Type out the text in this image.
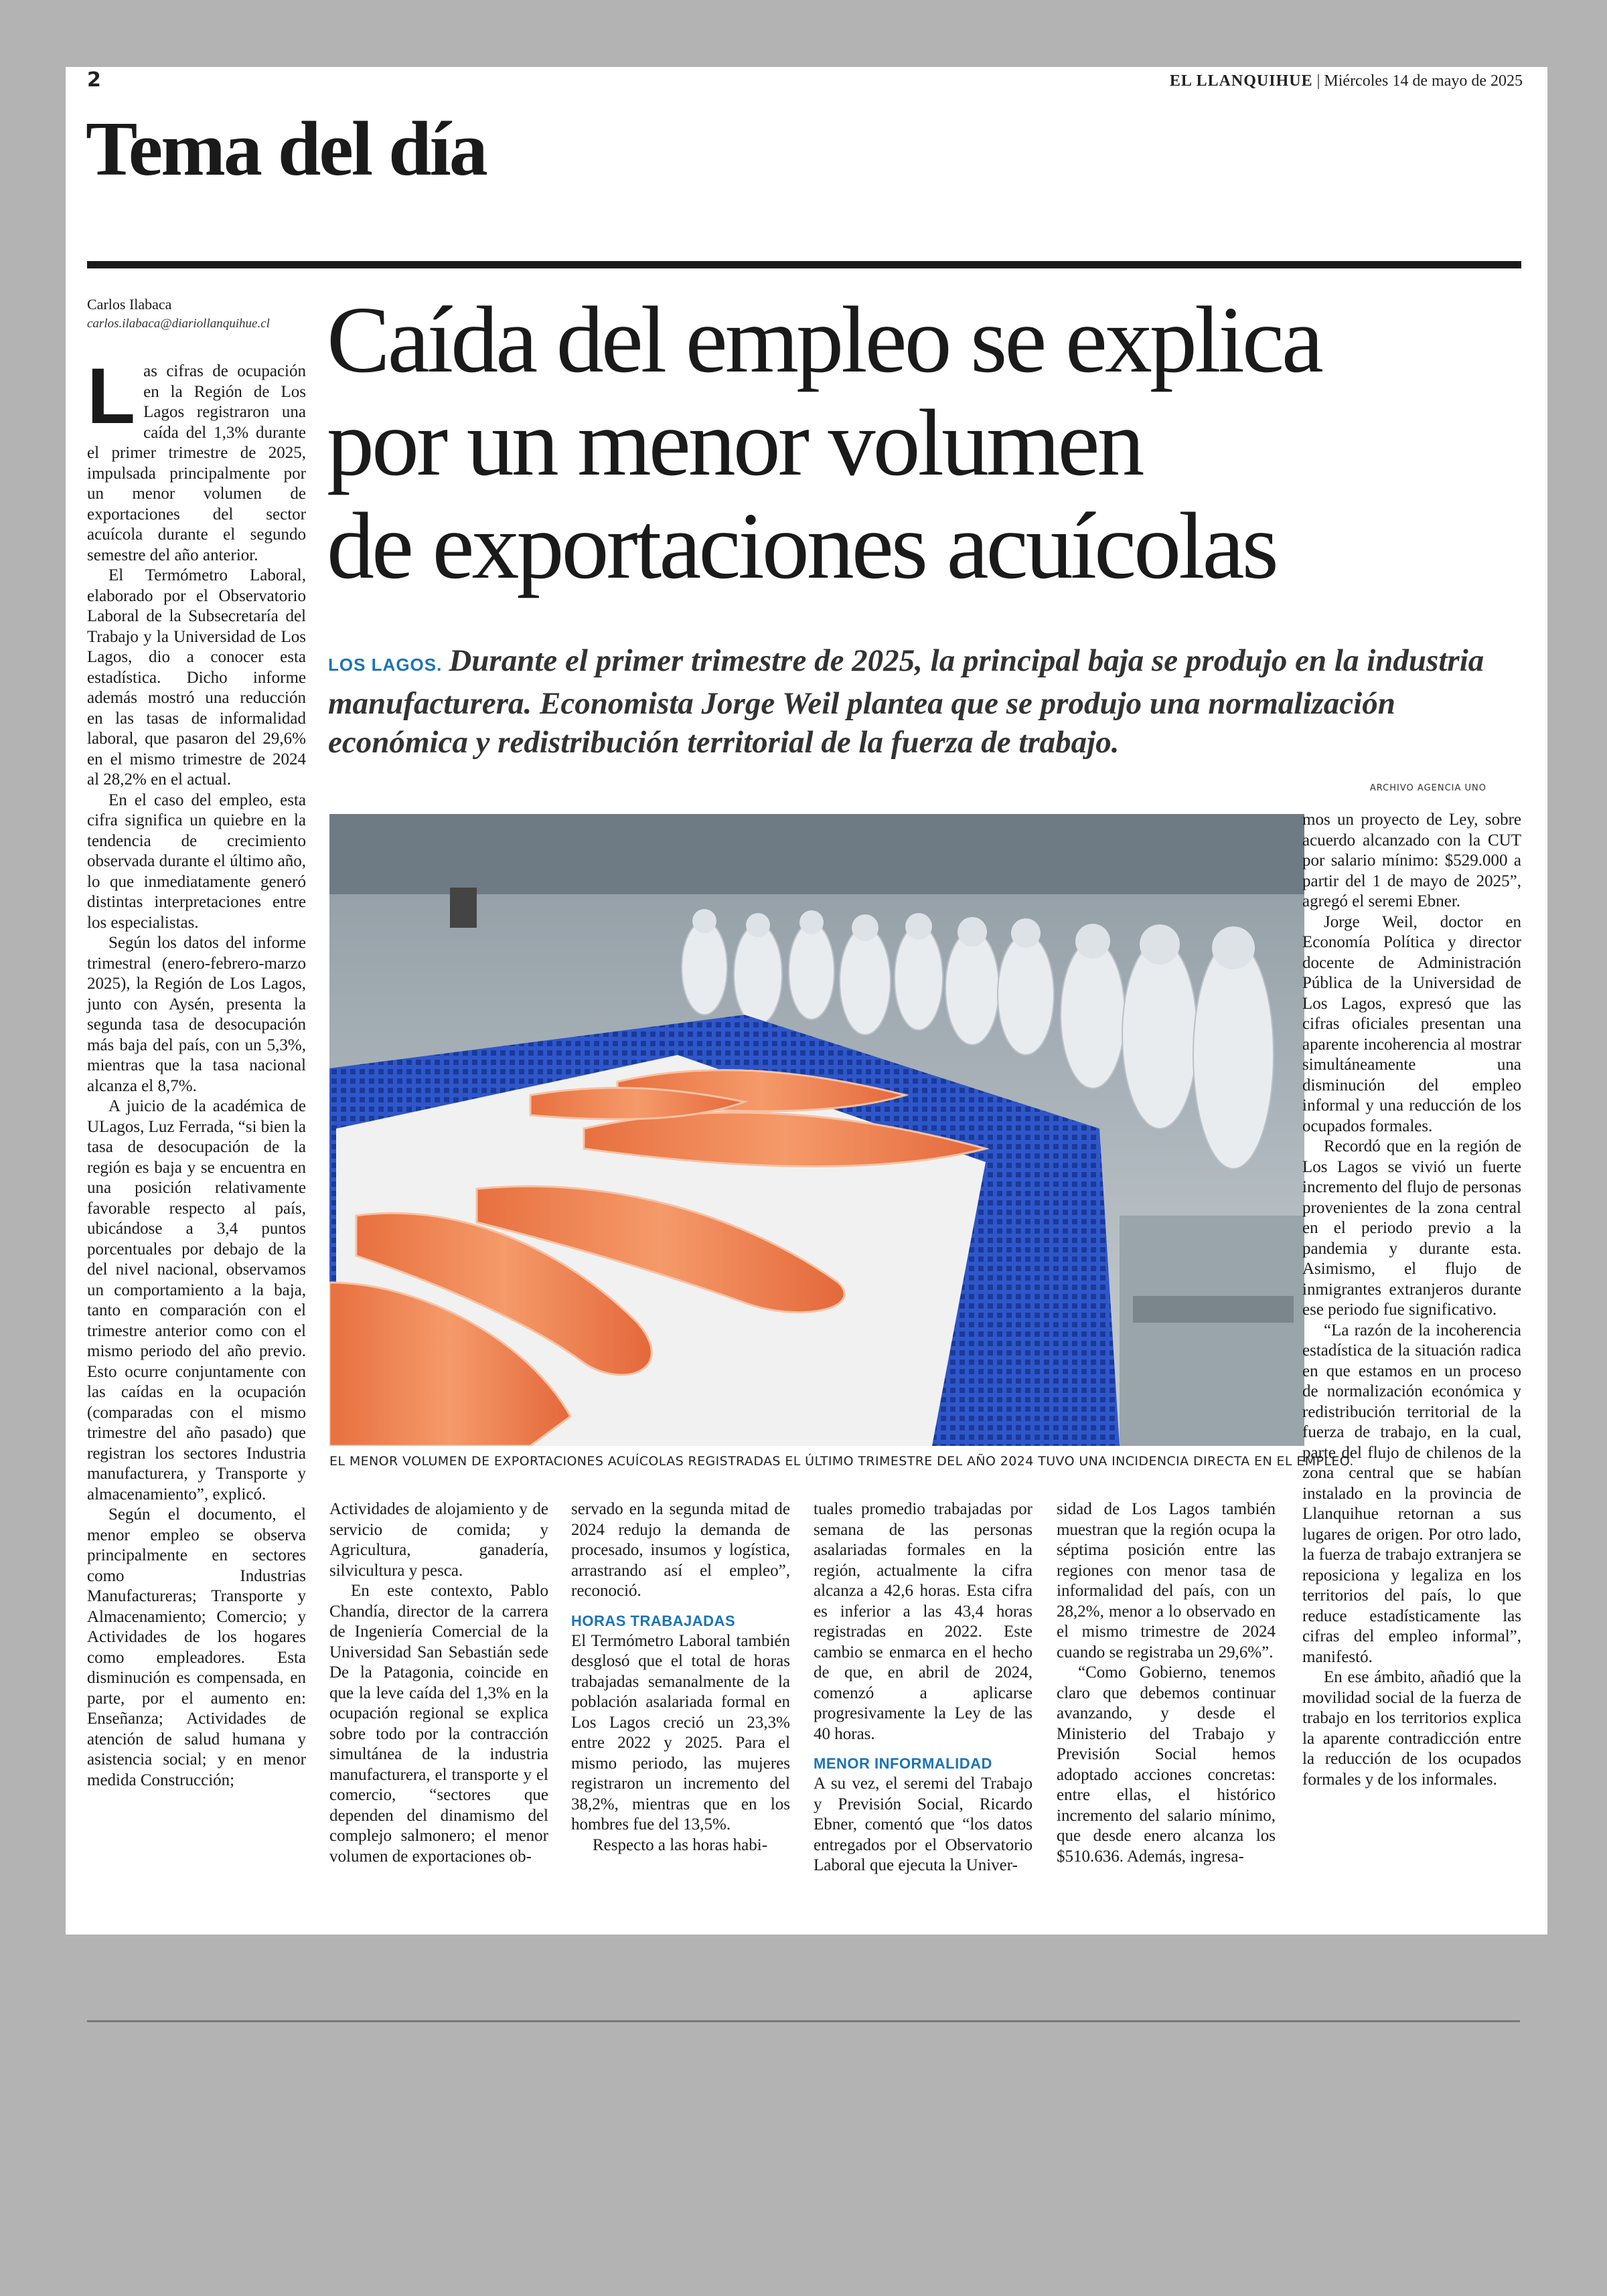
2	EL LLANQUIHUE | Miércoles 14 de mayo de 2025
Tema del día
Carlos Ilabaca
carlos.ilabaca@diariollanquihue.cl Caída del empleo se explica
por un menor volumen
de exportaciones acuícolas
LOS LAGOS. Durante el primer trimestre de 2025, la principal baja se produjo en la industria manufacturera. Economista Jorge Weil plantea que se produjo una normalización económica y redistribución territorial de la fuerza de trabajo.
ARCHIVO AGENCIA UNO
EL MENOR VOLUMEN DE EXPORTACIONES ACUÍCOLAS REGISTRADAS EL ÚLTIMO TRIMESTRE DEL AÑO 2024 TUVO UNA INCIDENCIA DIRECTA EN EL EMPLEO.

Las cifras de ocupación en la Región de Los Lagos registraron una caída del 1,3% durante el primer trimestre de 2025, impulsada principalmente por un menor volumen de exportaciones del sector acuícola durante el segundo semestre del año anterior.

El Termómetro Laboral, elaborado por el Observatorio Laboral de la Subsecretaría del Trabajo y la Universidad de Los Lagos, dio a conocer esta estadística. Dicho informe además mostró una reducción en las tasas de informalidad laboral, que pasaron del 29,6% en el mismo trimestre de 2024 al 28,2% en el actual.

En el caso del empleo, esta cifra significa un quiebre en la tendencia de crecimiento observada durante el último año, lo que inmediatamente generó distintas interpretaciones entre los especialistas.

Según los datos del informe trimestral (enero-febrero-marzo 2025), la Región de Los Lagos, junto con Aysén, presenta la segunda tasa de desocupación más baja del país, con un 5,3%, mientras que la tasa nacional alcanza el 8,7%.

A juicio de la académica de ULagos, Luz Ferrada, “si bien la tasa de desocupación de la región es baja y se encuentra en una posición relativamente favorable respecto al país, ubicándose a 3,4 puntos porcentuales por debajo de la del nivel nacional, observamos un comportamiento a la baja, tanto en comparación con el trimestre anterior como con el mismo periodo del año previo. Esto ocurre conjuntamente con las caídas en la ocupación (comparadas con el mismo trimestre del año pasado) que registran los sectores Industria manufacturera, y Transporte y almacenamiento”, explicó.

Según el documento, el menor empleo se observa principalmente en sectores como Industrias Manufactureras; Transporte y Almacenamiento; Comercio; y Actividades de los hogares como empleadores. Esta disminución es compensada, en parte, por el aumento en: Enseñanza; Actividades de atención de salud humana y asistencia social; y en menor medida Construcción;

Actividades de alojamiento y de servicio de comida; y Agricultura, ganadería, silvicultura y pesca.

En este contexto, Pablo Chandía, director de la carrera de Ingeniería Comercial de la Universidad San Sebastián sede De la Patagonia, coincide en que la leve caída del 1,3% en la ocupación regional se explica sobre todo por la contracción simultánea de la industria manufacturera, el transporte y el comercio, “sectores que dependen del dinamismo del complejo salmonero; el menor volumen de exportaciones ob-

servado en la segunda mitad de 2024 redujo la demanda de procesado, insumos y logística, arrastrando así el empleo”, reconoció.

HORAS TRABAJADAS

El Termómetro Laboral también desglosó que el total de horas trabajadas semanalmente de la población asalariada formal en Los Lagos creció un 23,3% entre 2022 y 2025. Para el mismo periodo, las mujeres registraron un incremento del 38,2%, mientras que en los hombres fue del 13,5%.

Respecto a las horas habi-

tuales promedio trabajadas por semana de las personas asalariadas formales en la región, actualmente la cifra alcanza a 42,6 horas. Esta cifra es inferior a las 43,4 horas registradas en 2022. Este cambio se enmarca en el hecho de que, en abril de 2024, comenzó a aplicarse progresivamente la Ley de las 40 horas.

MENOR INFORMALIDAD

A su vez, el seremi del Trabajo y Previsión Social, Ricardo Ebner, comentó que “los datos entregados por el Observatorio Laboral que ejecuta la Univer-

sidad de Los Lagos también muestran que la región ocupa la séptima posición entre las regiones con menor tasa de informalidad del país, con un 28,2%, menor a lo observado en el mismo trimestre de 2024 cuando se registraba un 29,6%”.

“Como Gobierno, tenemos claro que debemos continuar avanzando, y desde el Ministerio del Trabajo y Previsión Social hemos adoptado acciones concretas: entre ellas, el histórico incremento del salario mínimo, que desde enero alcanza los $510.636. Además, ingresa-

mos un proyecto de Ley, sobre acuerdo alcanzado con la CUT por salario mínimo: $529.000 a partir del 1 de mayo de 2025”, agregó el seremi Ebner.

Jorge Weil, doctor en Economía Política y director docente de Administración Pública de la Universidad de Los Lagos, expresó que las cifras oficiales presentan una aparente incoherencia al mostrar simultáneamente una disminución del empleo informal y una reducción de los ocupados formales.

Recordó que en la región de Los Lagos se vivió un fuerte incremento del flujo de personas provenientes de la zona central en el periodo previo a la pandemia y durante esta. Asimismo, el flujo de inmigrantes extranjeros durante ese periodo fue significativo.

“La razón de la incoherencia estadística de la situación radica en que estamos en un proceso de normalización económica y redistribución territorial de la fuerza de trabajo, en la cual, parte del flujo de chilenos de la zona central que se habían instalado en la provincia de Llanquihue retornan a sus lugares de origen. Por otro lado, la fuerza de trabajo extranjera se reposiciona y legaliza en los territorios del país, lo que reduce estadísticamente las cifras del empleo informal”, manifestó.

En ese ámbito, añadió que la movilidad social de la fuerza de trabajo en los territorios explica la aparente contradicción entre la reducción de los ocupados formales y de los informales.
